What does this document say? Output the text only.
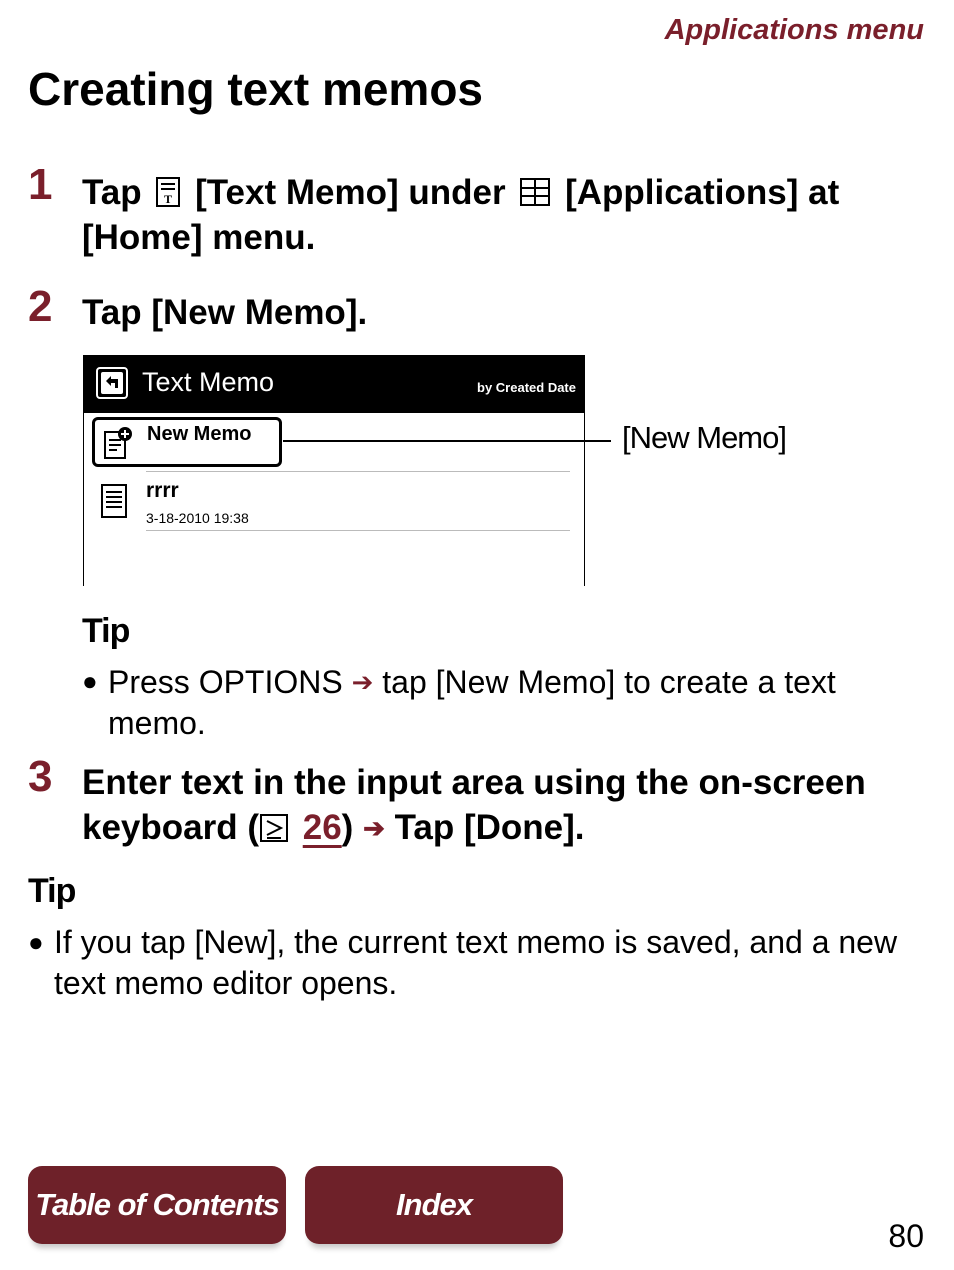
Applications menu
Creating text memos
1 Tap T [Text Memo] under [Applications] at
[Home] menu.
2 Tap [New Memo].
Text Memo	by Created Date
New Memo
rrrr
3-18-2010 19:38
[New Memo]
Tip
● Press OPTIONS ➔ tap [New Memo] to create a text
memo.
3 Enter text in the input area using the on-screen
keyboard ( 26) ➔ Tap [Done].
Tip
● If you tap [New], the current text memo is saved, and a new
text memo editor opens.
Table of Contents	Index
80
